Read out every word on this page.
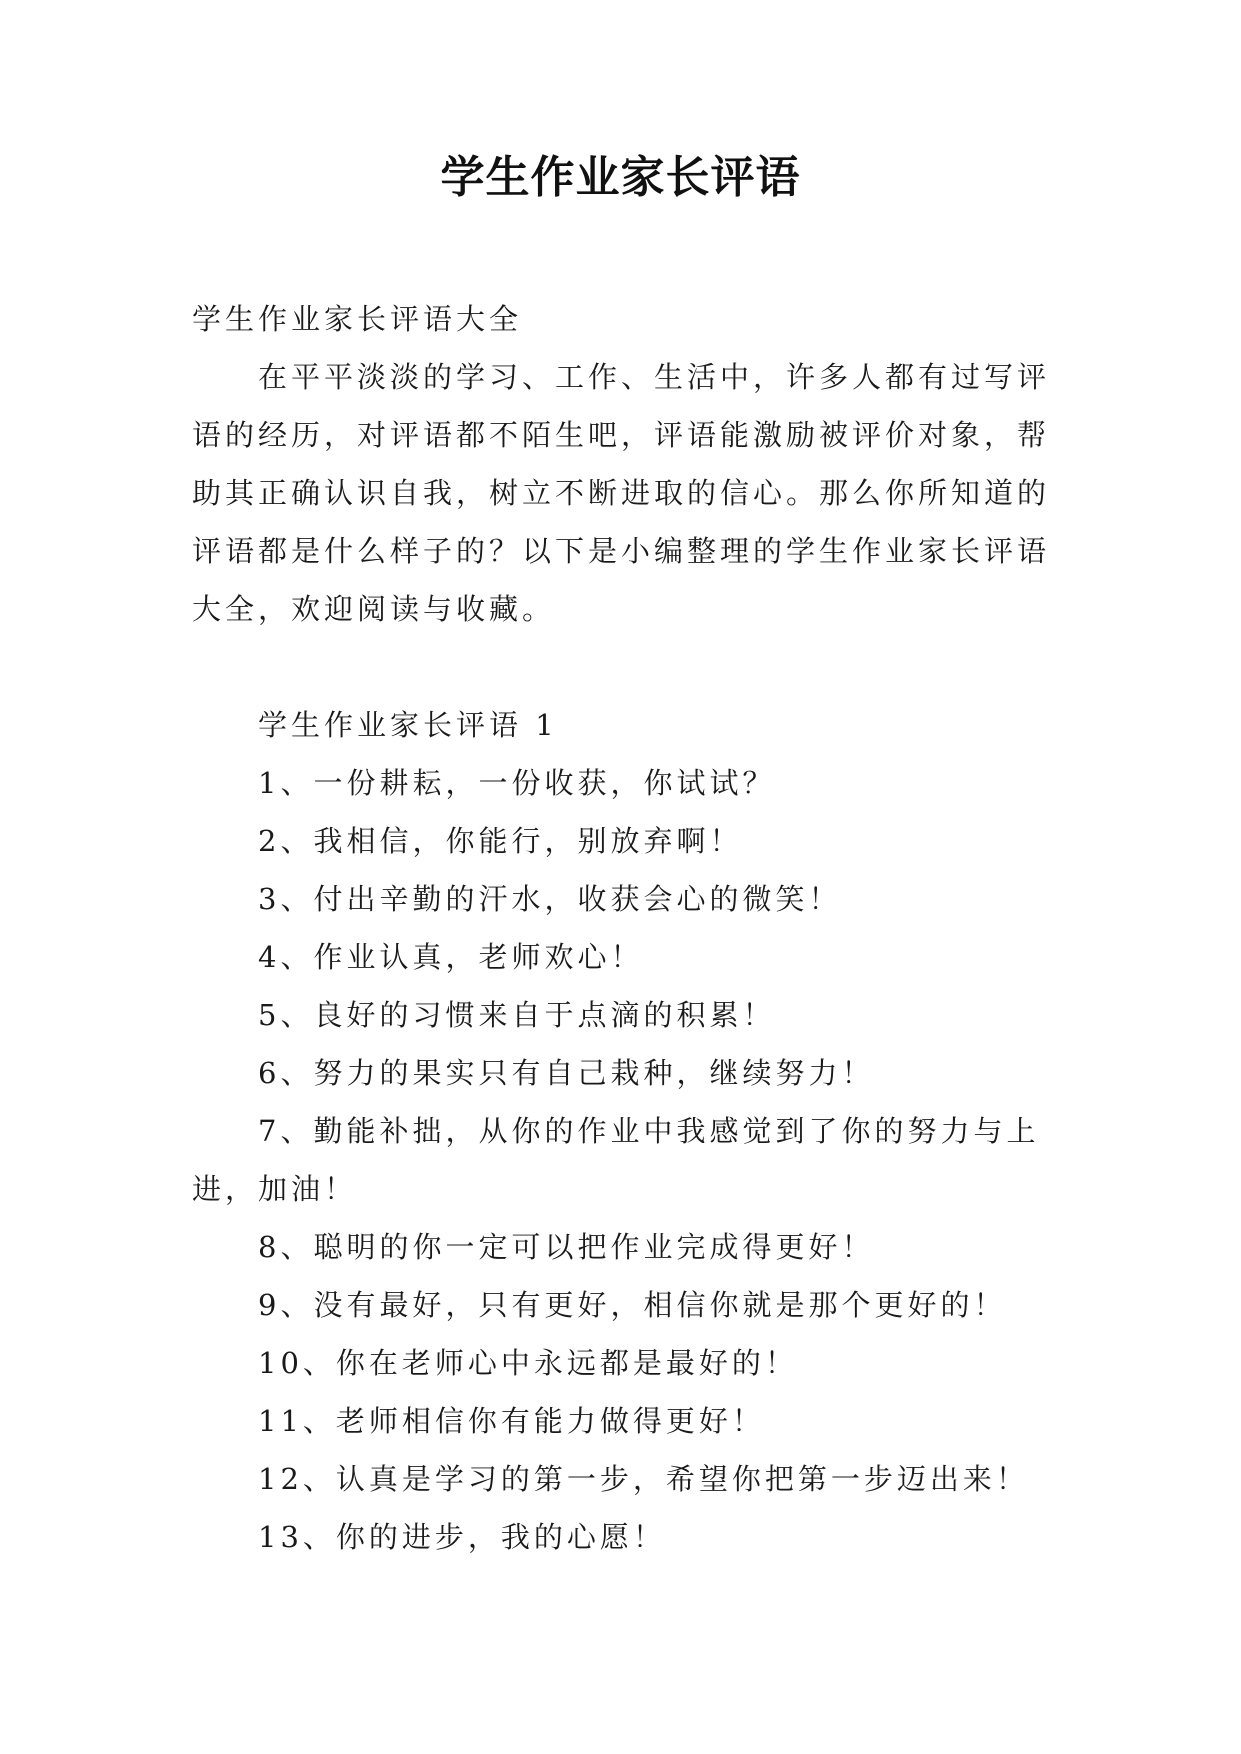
学生作业家长评语

学生作业家长评语大全

在平平淡淡的学习、工作、生活中，许多人都有过写评语的经历，对评语都不陌生吧，评语能激励被评价对象，帮助其正确认识自我，树立不断进取的信心。那么你所知道的评语都是什么样子的？以下是小编整理的学生作业家长评语大全，欢迎阅读与收藏。

学生作业家长评语 1

1、一份耕耘，一份收获，你试试？

2、我相信，你能行，别放弃啊！

3、付出辛勤的汗水，收获会心的微笑！

4、作业认真，老师欢心！

5、良好的习惯来自于点滴的积累！

6、努力的果实只有自己栽种，继续努力！

7、勤能补拙，从你的作业中我感觉到了你的努力与上进，加油！

8、聪明的你一定可以把作业完成得更好！

9、没有最好，只有更好，相信你就是那个更好的！

10、你在老师心中永远都是最好的！

11、老师相信你有能力做得更好！

12、认真是学习的第一步，希望你把第一步迈出来！

13、你的进步，我的心愿！
